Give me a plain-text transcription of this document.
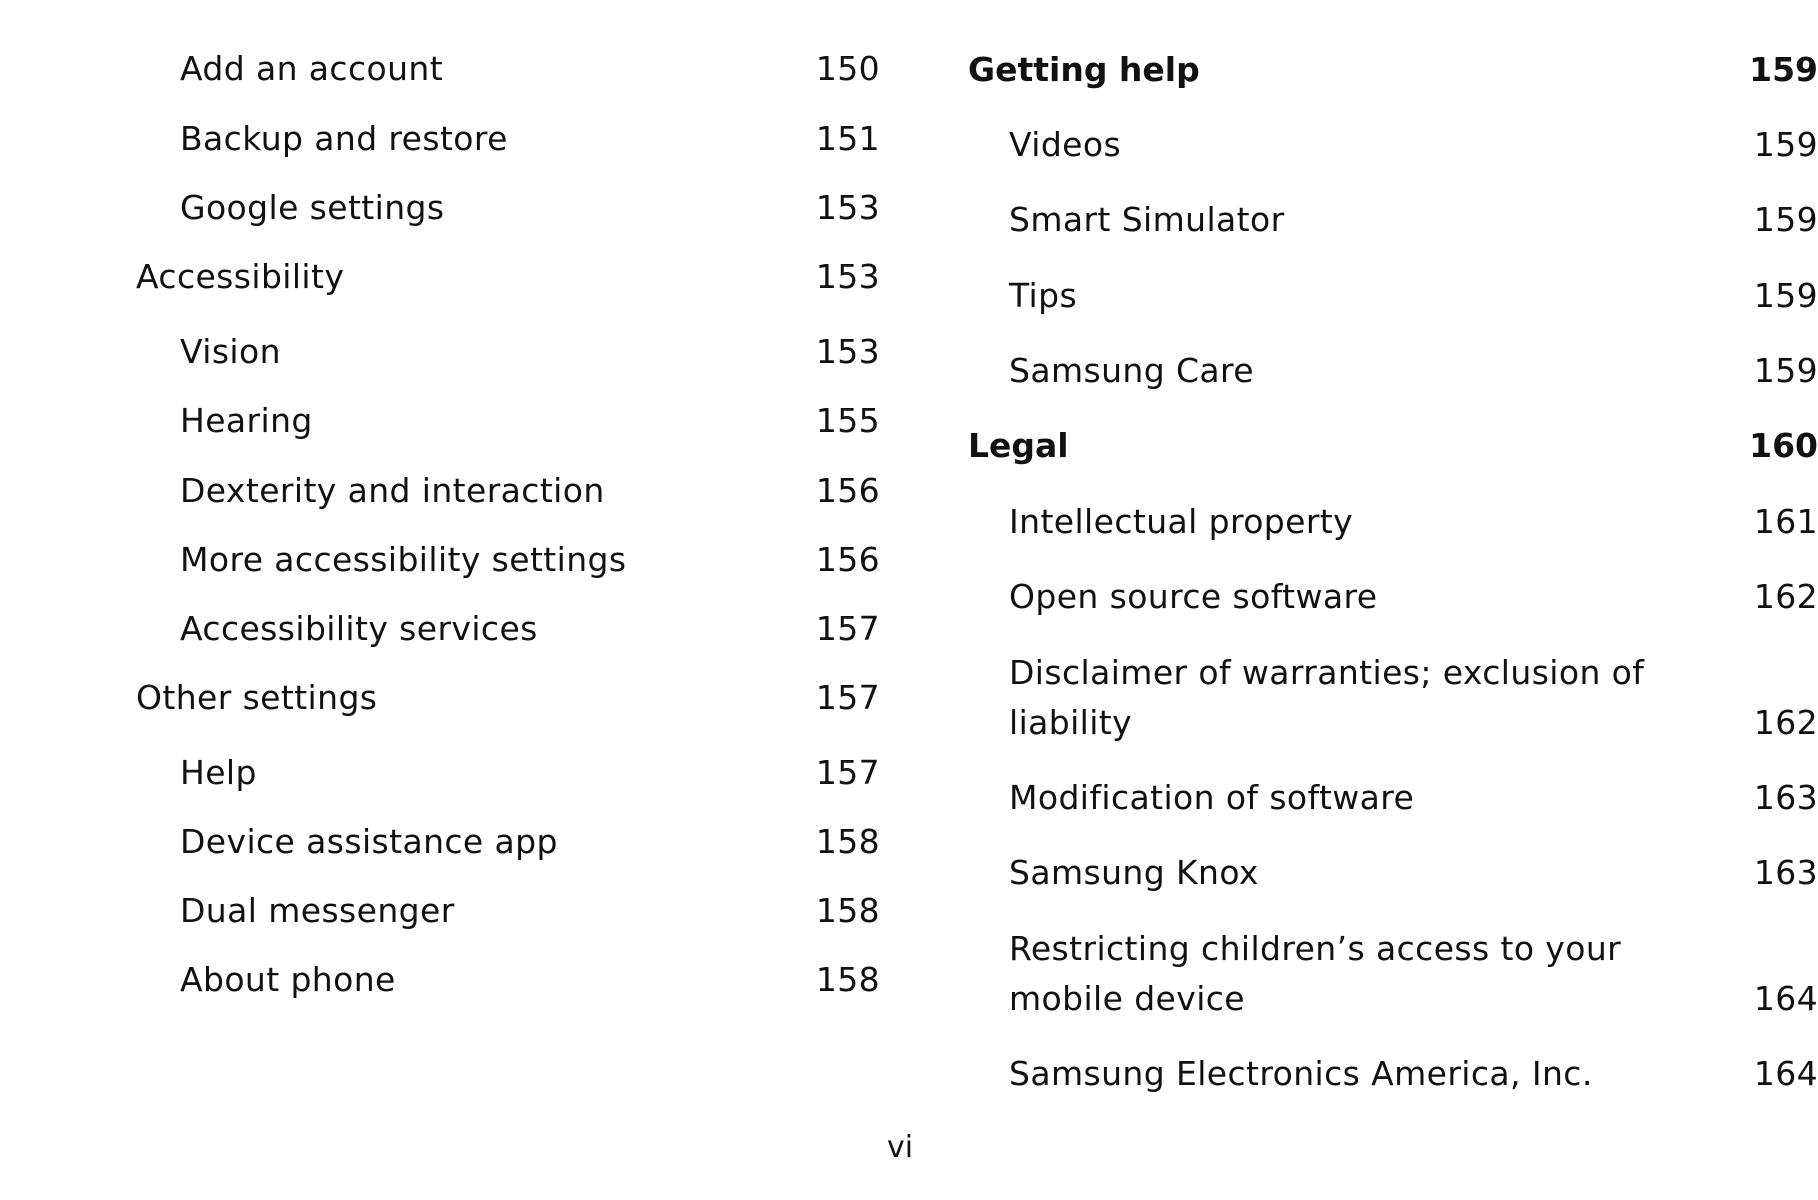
Add an account	150
Backup and restore	151
Google settings	153
Accessibility	153
Vision	153
Hearing	155
Dexterity and interaction	156
More accessibility settings	156
Accessibility services	157
Other settings	157
Help	157
Device assistance app	158
Dual messenger	158
About phone	158
Getting help	159
Videos	159
Smart Simulator	159
Tips	159
Samsung Care	159
Legal	160
Intellectual property	161
Open source software	162
Disclaimer of warranties; exclusion of liability	162
Modification of software	163
Samsung Knox	163
Restricting children’s access to your mobile device	164
Samsung Electronics America, Inc.	164
vi
